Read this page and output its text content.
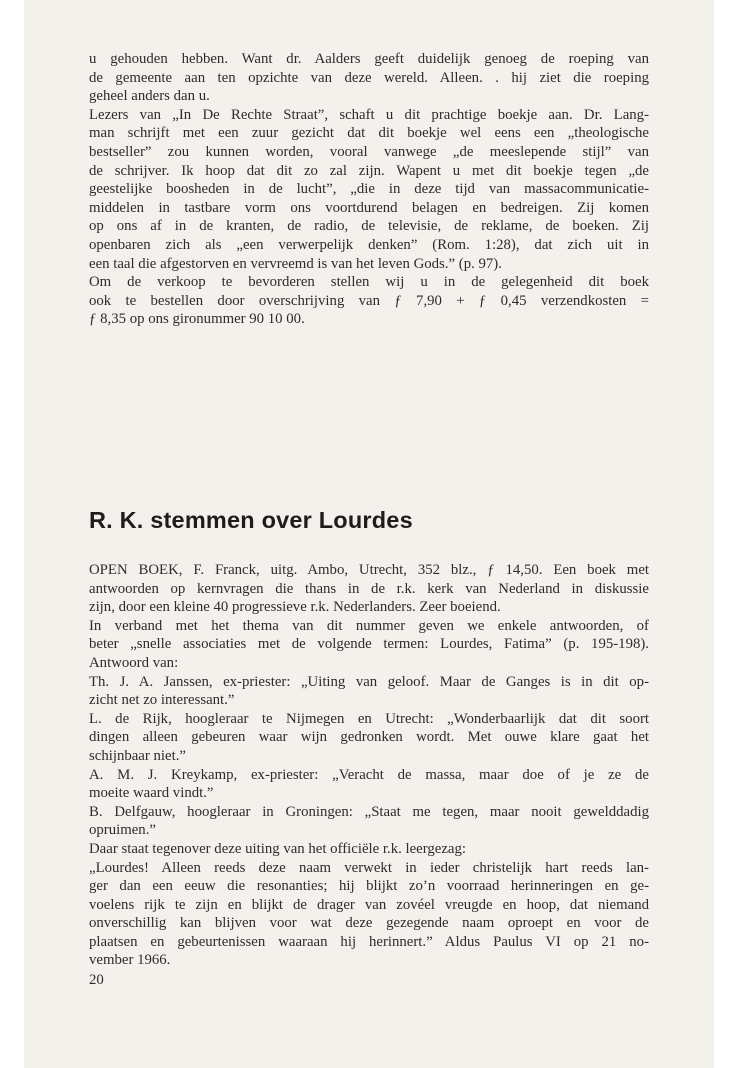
u gehouden hebben. Want dr. Aalders geeft duidelijk genoeg de roeping van
de gemeente aan ten opzichte van deze wereld. Alleen. . hij ziet die roeping
geheel anders dan u.
Lezers van „In De Rechte Straat”, schaft u dit prachtige boekje aan. Dr. Lang-
man schrijft met een zuur gezicht dat dit boekje wel eens een „theologische
bestseller” zou kunnen worden, vooral vanwege „de meeslepende stijl” van
de schrijver. Ik hoop dat dit zo zal zijn. Wapent u met dit boekje tegen „de
geestelijke boosheden in de lucht”, „die in deze tijd van massacommunicatie-
middelen in tastbare vorm ons voortdurend belagen en bedreigen. Zij komen
op ons af in de kranten, de radio, de televisie, de reklame, de boeken. Zij
openbaren zich als „een verwerpelijk denken” (Rom. 1:28), dat zich uit in
een taal die afgestorven en vervreemd is van het leven Gods.” (p. 97).
Om de verkoop te bevorderen stellen wij u in de gelegenheid dit boek
ook te bestellen door overschrijving van ƒ 7,90 + ƒ 0,45 verzendkosten =
ƒ 8,35 op ons gironummer 90 10 00.
R. K. stemmen over Lourdes
OPEN BOEK, F. Franck, uitg. Ambo, Utrecht, 352 blz., ƒ 14,50. Een boek met
antwoorden op kernvragen die thans in de r.k. kerk van Nederland in diskussie
zijn, door een kleine 40 progressieve r.k. Nederlanders. Zeer boeiend.
In verband met het thema van dit nummer geven we enkele antwoorden, of
beter „snelle associaties met de volgende termen: Lourdes, Fatima” (p. 195-198).
Antwoord van:
Th. J. A. Janssen, ex-priester: „Uiting van geloof. Maar de Ganges is in dit op-
zicht net zo interessant.”
L. de Rijk, hoogleraar te Nijmegen en Utrecht: „Wonderbaarlijk dat dit soort
dingen alleen gebeuren waar wijn gedronken wordt. Met ouwe klare gaat het
schijnbaar niet.”
A. M. J. Kreykamp, ex-priester: „Veracht de massa, maar doe of je ze de
moeite waard vindt.”
B. Delfgauw, hoogleraar in Groningen: „Staat me tegen, maar nooit gewelddadig
opruimen.”
Daar staat tegenover deze uiting van het officiële r.k. leergezag:
„Lourdes! Alleen reeds deze naam verwekt in ieder christelijk hart reeds lan-
ger dan een eeuw die resonanties; hij blijkt zo’n voorraad herinneringen en ge-
voelens rijk te zijn en blijkt de drager van zovéel vreugde en hoop, dat niemand
onverschillig kan blijven voor wat deze gezegende naam oproept en voor de
plaatsen en gebeurtenissen waaraan hij herinnert.” Aldus Paulus VI op 21 no-
vember 1966.
20
